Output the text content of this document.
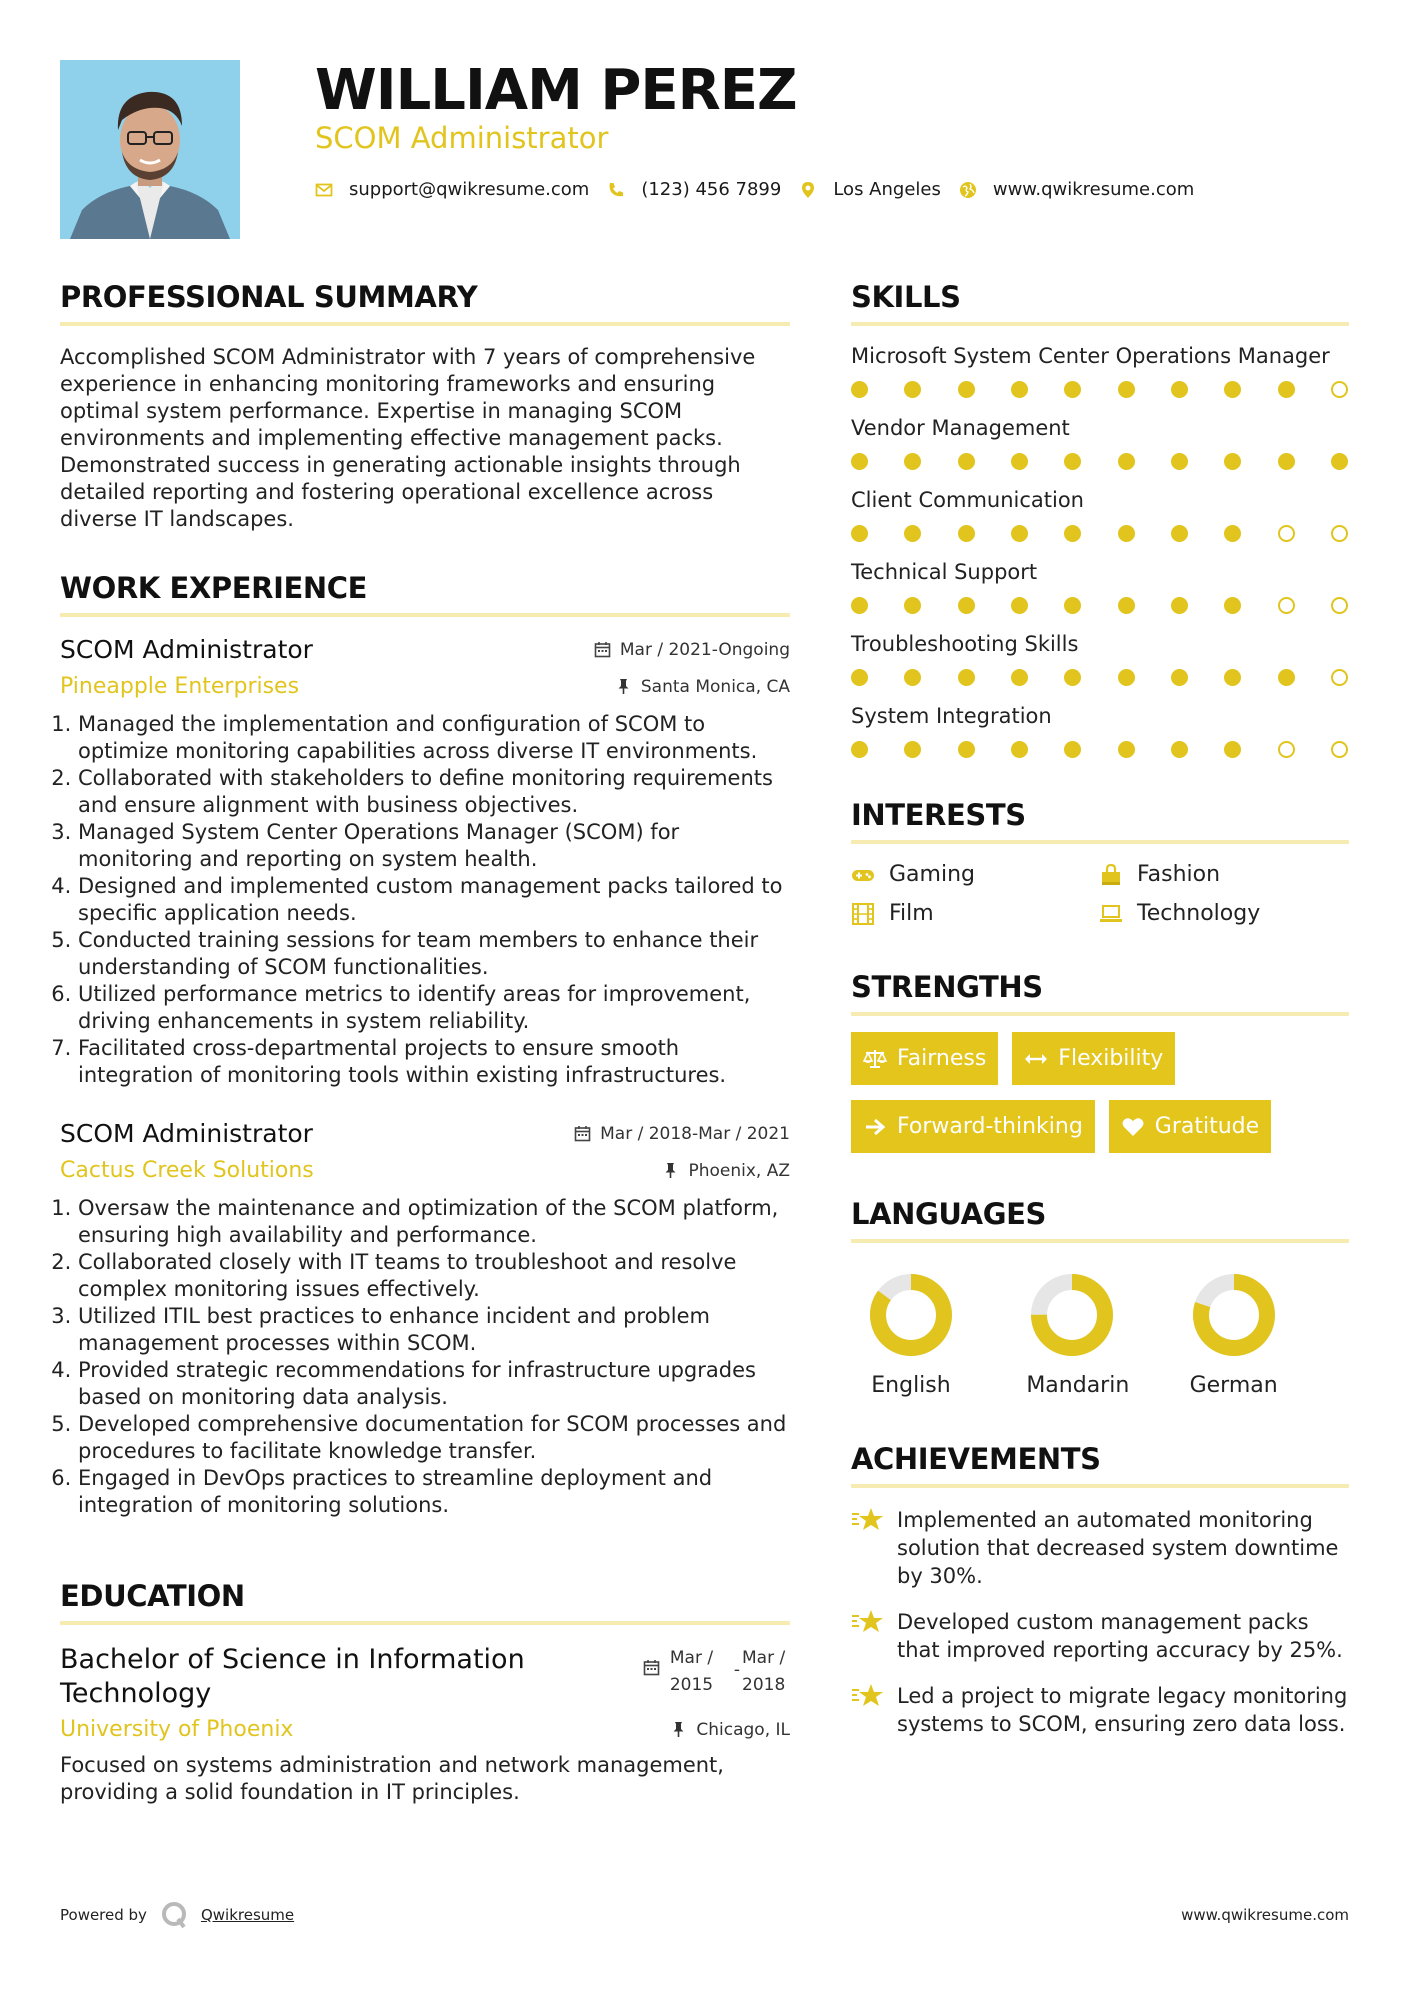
WILLIAM PEREZ
SCOM Administrator
support@qwikresume.com	(123) 456 7899	Los Angeles	www.qwikresume.com
PROFESSIONAL SUMMARY

Accomplished SCOM Administrator with 7 years of comprehensive experience in enhancing monitoring frameworks and ensuring optimal system performance. Expertise in managing SCOM environments and implementing effective management packs. Demonstrated success in generating actionable insights through detailed reporting and fostering operational excellence across diverse IT landscapes.

WORK EXPERIENCE
SCOM Administrator	Mar / 2021-Ongoing
Pineapple Enterprises	Santa Monica, CA
1. Managed the implementation and configuration of SCOM to optimize monitoring capabilities across diverse IT environments.
2. Collaborated with stakeholders to define monitoring requirements and ensure alignment with business objectives.
3. Managed System Center Operations Manager (SCOM) for monitoring and reporting on system health.
4. Designed and implemented custom management packs tailored to specific application needs.
5. Conducted training sessions for team members to enhance their understanding of SCOM functionalities.
6. Utilized performance metrics to identify areas for improvement, driving enhancements in system reliability.
7. Facilitated cross-departmental projects to ensure smooth integration of monitoring tools within existing infrastructures.
SCOM Administrator	Mar / 2018-Mar / 2021
Cactus Creek Solutions	Phoenix, AZ
1. Oversaw the maintenance and optimization of the SCOM platform, ensuring high availability and performance.
2. Collaborated closely with IT teams to troubleshoot and resolve complex monitoring issues effectively.
3. Utilized ITIL best practices to enhance incident and problem management processes within SCOM.
4. Provided strategic recommendations for infrastructure upgrades based on monitoring data analysis.
5. Developed comprehensive documentation for SCOM processes and procedures to facilitate knowledge transfer.
6. Engaged in DevOps practices to streamline deployment and integration of monitoring solutions.
EDUCATION
Bachelor of Science in Information Technology
Mar /
2015
-
Mar /
2018
University of Phoenix	Chicago, IL

Focused on systems administration and network management, providing a solid foundation in IT principles.

SKILLS
Microsoft System Center Operations Manager
Vendor Management
Client Communication
Technical Support
Troubleshooting Skills
System Integration
INTERESTS
Gaming	Fashion
Film	Technology
STRENGTHS
Fairness	Flexibility
Forward-thinking	Gratitude
LANGUAGES
English	Mandarin	German
ACHIEVEMENTS
Implemented an automated monitoring solution that decreased system downtime by 30%.
Developed custom management packs that improved reporting accuracy by 25%.
Led a project to migrate legacy monitoring systems to SCOM, ensuring zero data loss.
Powered by	Qwikresume	www.qwikresume.com
